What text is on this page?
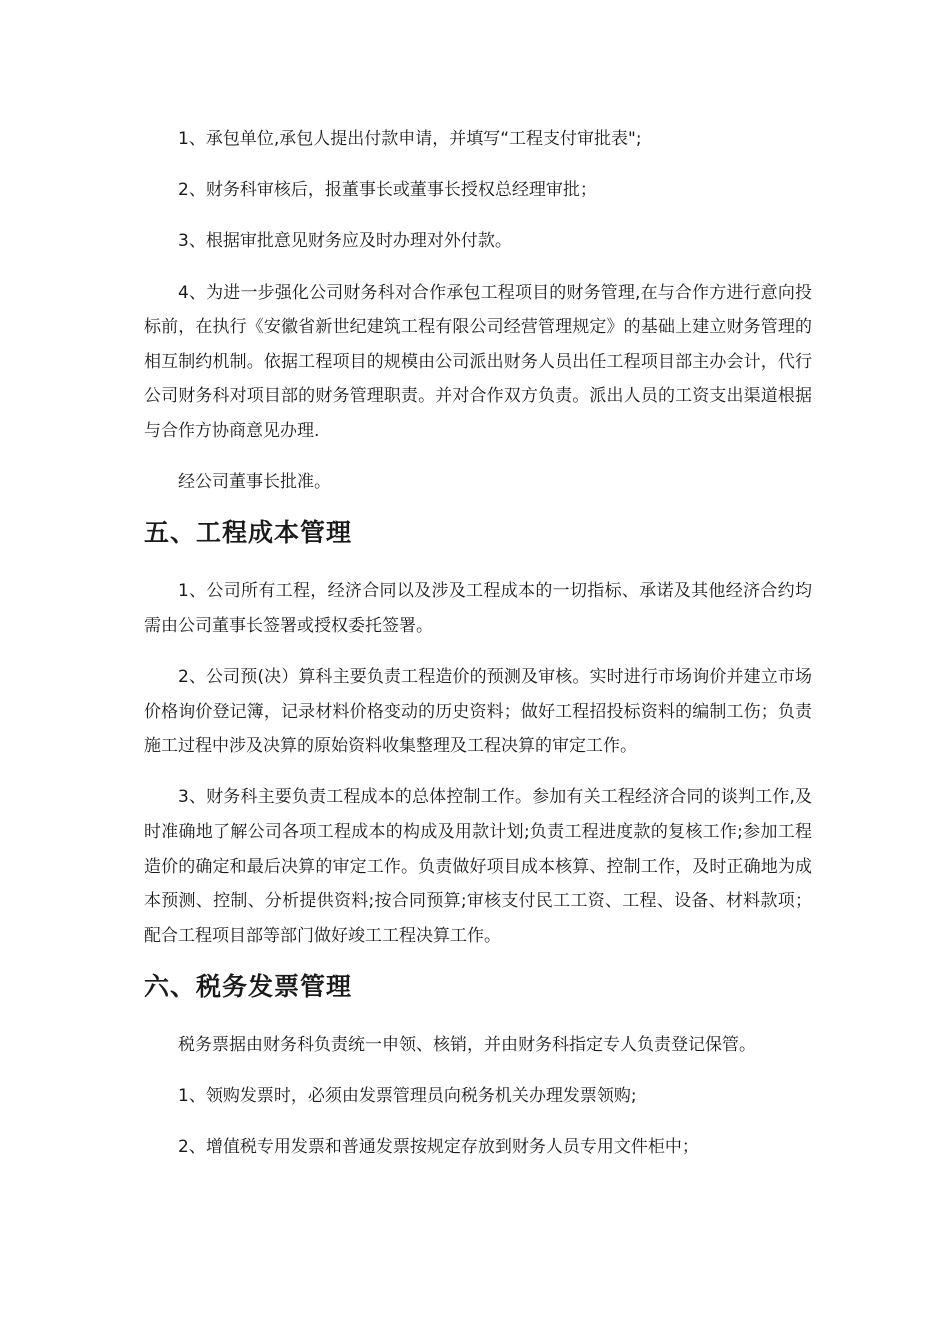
1、承包单位,承包人提出付款申请，并填写“工程支付审批表";

2、财务科审核后，报董事长或董事长授权总经理审批；

3、根据审批意见财务应及时办理对外付款。

4、为进一步强化公司财务科对合作承包工程项目的财务管理,在与合作方进行意向投标前，在执行《安徽省新世纪建筑工程有限公司经营管理规定》的基础上建立财务管理的相互制约机制。依据工程项目的规模由公司派出财务人员出任工程项目部主办会计，代行公司财务科对项目部的财务管理职责。并对合作双方负责。派出人员的工资支出渠道根据与合作方协商意见办理.

经公司董事长批准。

五、工程成本管理

1、公司所有工程，经济合同以及涉及工程成本的一切指标、承诺及其他经济合约均需由公司董事长签署或授权委托签署。

2、公司预(决）算科主要负责工程造价的预测及审核。实时进行市场询价并建立市场价格询价登记簿，记录材料价格变动的历史资料；做好工程招投标资料的编制工伤；负责施工过程中涉及决算的原始资料收集整理及工程决算的审定工作。

3、财务科主要负责工程成本的总体控制工作。参加有关工程经济合同的谈判工作,及时准确地了解公司各项工程成本的构成及用款计划;负责工程进度款的复核工作;参加工程造价的确定和最后决算的审定工作。负责做好项目成本核算、控制工作，及时正确地为成本预测、控制、分析提供资料;按合同预算;审核支付民工工资、工程、设备、材料款项；配合工程项目部等部门做好竣工工程决算工作。

六、税务发票管理

税务票据由财务科负责统一申领、核销，并由财务科指定专人负责登记保管。

1、领购发票时，必须由发票管理员向税务机关办理发票领购;

2、增值税专用发票和普通发票按规定存放到财务人员专用文件柜中；
